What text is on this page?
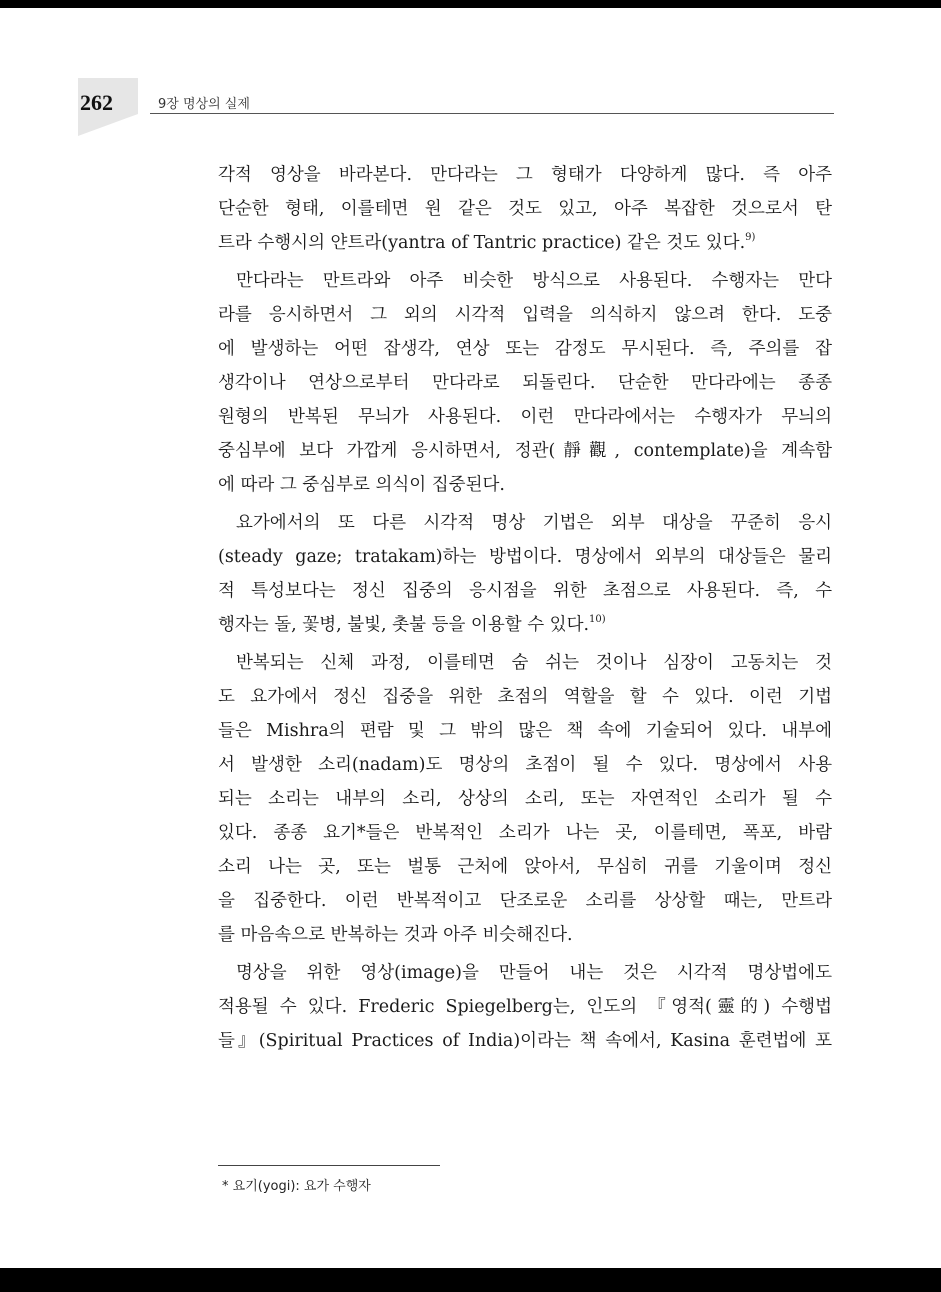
262	9장 명상의 실제
각적 영상을 바라본다. 만다라는 그 형태가 다양하게 많다. 즉 아주
단순한 형태, 이를테면 원 같은 것도 있고, 아주 복잡한 것으로서 탄
트라 수행시의 얀트라(yantra of Tantric practice) 같은 것도 있다.$^{9)}$
만다라는 만트라와 아주 비슷한 방식으로 사용된다. 수행자는 만다
라를 응시하면서 그 외의 시각적 입력을 의식하지 않으려 한다. 도중
에 발생하는 어떤 잡생각, 연상 또는 감정도 무시된다. 즉, 주의를 잡
생각이나 연상으로부터 만다라로 되돌린다. 단순한 만다라에는 종종
원형의 반복된 무늬가 사용된다. 이런 만다라에서는 수행자가 무늬의
중심부에 보다 가깝게 응시하면서, 정관(靜觀, contemplate)을 계속함
에 따라 그 중심부로 의식이 집중된다.
요가에서의 또 다른 시각적 명상 기법은 외부 대상을 꾸준히 응시
(steady gaze; tratakam)하는 방법이다. 명상에서 외부의 대상들은 물리
적 특성보다는 정신 집중의 응시점을 위한 초점으로 사용된다. 즉, 수
행자는 돌, 꽃병, 불빛, 촛불 등을 이용할 수 있다.$^{10)}$
반복되는 신체 과정, 이를테면 숨 쉬는 것이나 심장이 고동치는 것
도 요가에서 정신 집중을 위한 초점의 역할을 할 수 있다. 이런 기법
들은 Mishra의 편람 및 그 밖의 많은 책 속에 기술되어 있다. 내부에
서 발생한 소리(nadam)도 명상의 초점이 될 수 있다. 명상에서 사용
되는 소리는 내부의 소리, 상상의 소리, 또는 자연적인 소리가 될 수
있다. 종종 요기*들은 반복적인 소리가 나는 곳, 이를테면, 폭포, 바람
소리 나는 곳, 또는 벌통 근처에 앉아서, 무심히 귀를 기울이며 정신
을 집중한다. 이런 반복적이고 단조로운 소리를 상상할 때는, 만트라
를 마음속으로 반복하는 것과 아주 비슷해진다.
명상을 위한 영상(image)을 만들어 내는 것은 시각적 명상법에도
적용될 수 있다. Frederic Spiegelberg는, 인도의 『영적(靈的) 수행법
들』(Spiritual Practices of India)이라는 책 속에서, Kasina 훈련법에 포
* 요기(yogi): 요가 수행자
